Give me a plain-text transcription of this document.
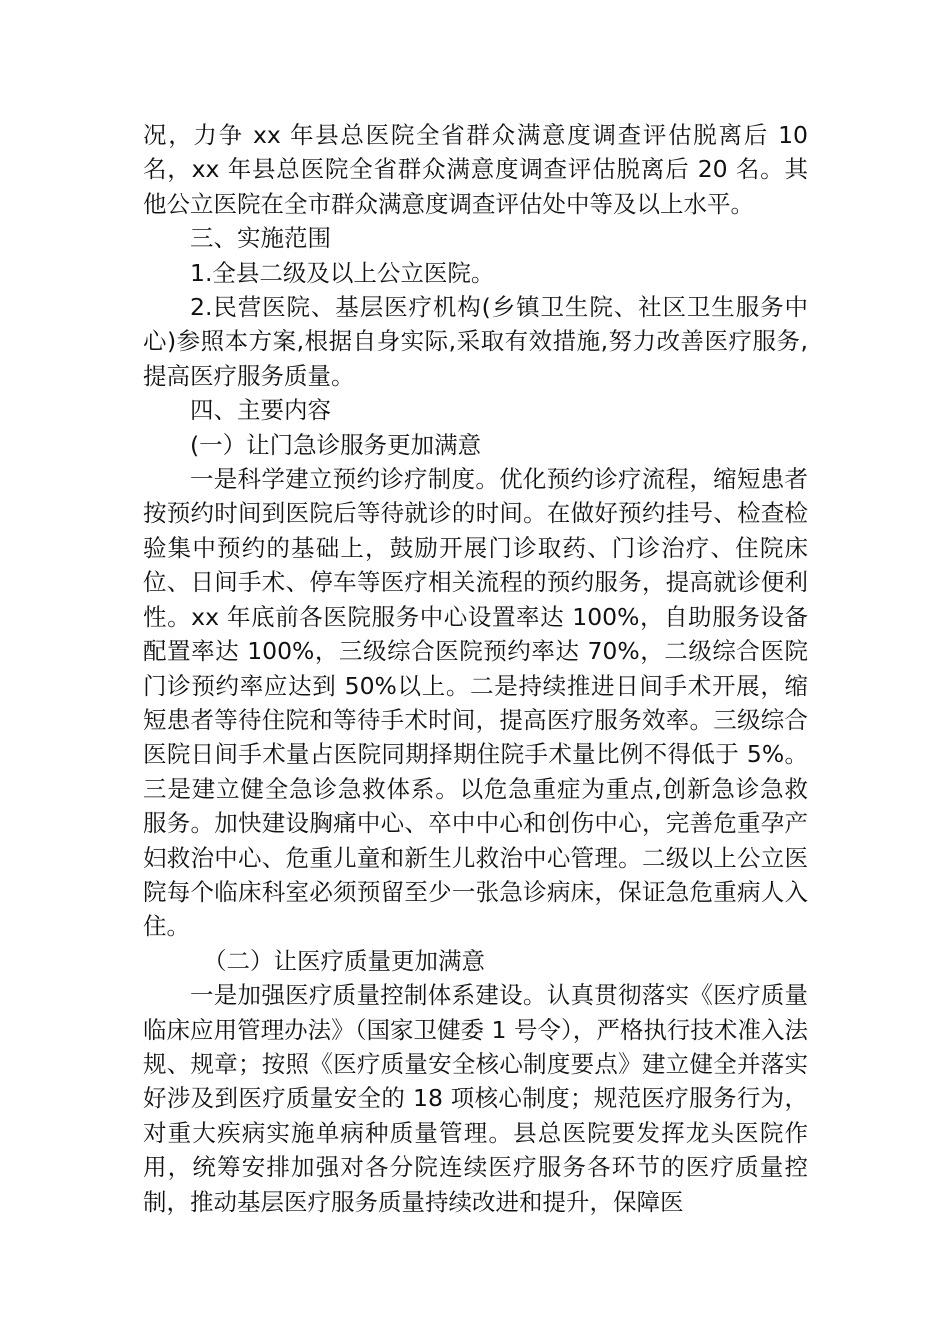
况，力争 xx 年县总医院全省群众满意度调查评估脱离后 10 名，xx 年县总医院全省群众满意度调查评估脱离后 20 名。其他公立医院在全市群众满意度调查评估处中等及以上水平。

三、实施范围

1.全县二级及以上公立医院。

2.民营医院、基层医疗机构(乡镇卫生院、社区卫生服务中心)参照本方案,根据自身实际,采取有效措施,努力改善医疗服务,提高医疗服务质量。

四、主要内容

(一）让门急诊服务更加满意

一是科学建立预约诊疗制度。优化预约诊疗流程，缩短患者按预约时间到医院后等待就诊的时间。在做好预约挂号、检查检验集中预约的基础上，鼓励开展门诊取药、门诊治疗、住院床位、日间手术、停车等医疗相关流程的预约服务，提高就诊便利性。xx 年底前各医院服务中心设置率达 100%，自助服务设备配置率达 100%，三级综合医院预约率达 70%，二级综合医院门诊预约率应达到 50%以上。二是持续推进日间手术开展，缩短患者等待住院和等待手术时间，提高医疗服务效率。三级综合医院日间手术量占医院同期择期住院手术量比例不得低于 5%。三是建立健全急诊急救体系。以危急重症为重点,创新急诊急救服务。加快建设胸痛中心、卒中中心和创伤中心，完善危重孕产妇救治中心、危重儿童和新生儿救治中心管理。二级以上公立医院每个临床科室必须预留至少一张急诊病床，保证急危重病人入住。

（二）让医疗质量更加满意

一是加强医疗质量控制体系建设。认真贯彻落实《医疗质量临床应用管理办法》（国家卫健委 1 号令），严格执行技术准入法规、规章；按照《医疗质量安全核心制度要点》建立健全并落实好涉及到医疗质量安全的 18 项核心制度；规范医疗服务行为，对重大疾病实施单病种质量管理。县总医院要发挥龙头医院作用，统筹安排加强对各分院连续医疗服务各环节的医疗质量控制，推动基层医疗服务质量持续改进和提升，保障医
